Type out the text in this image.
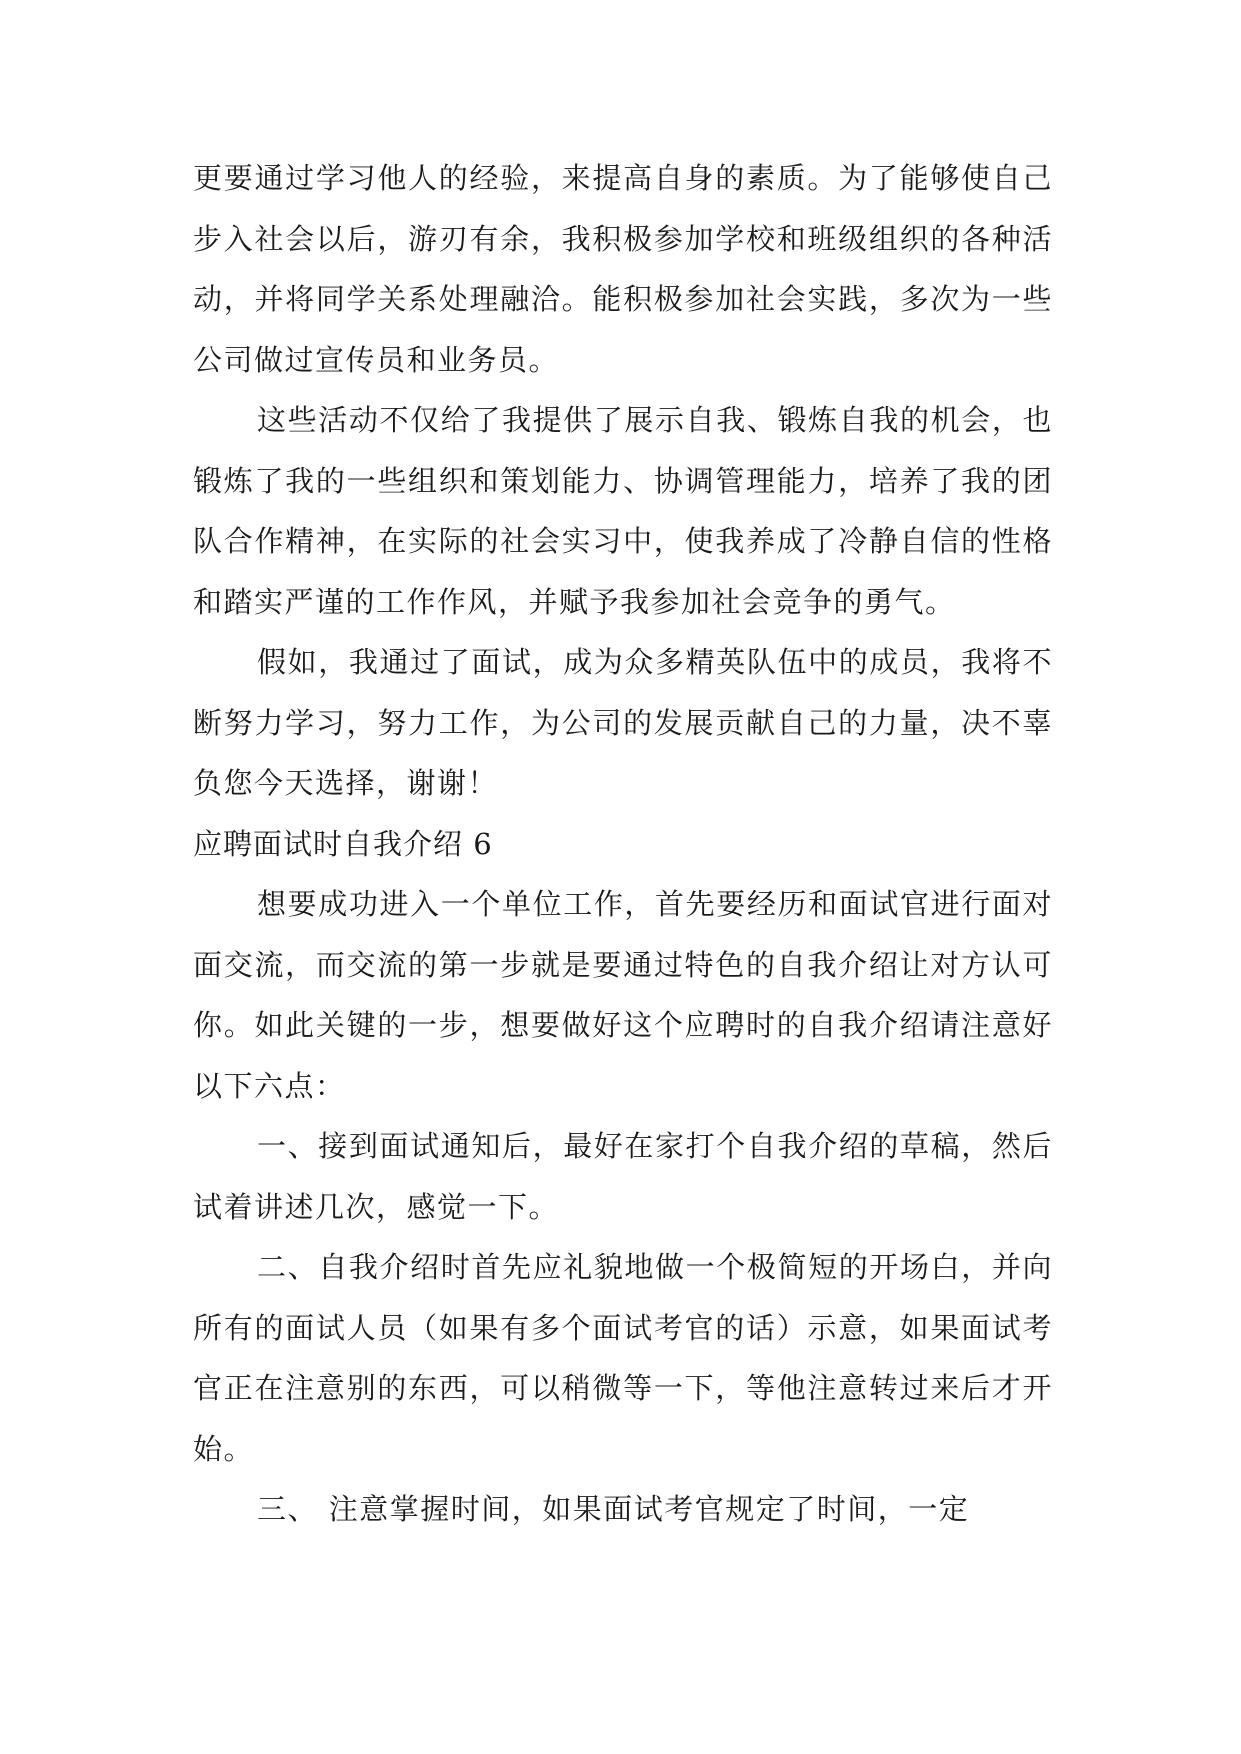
更要通过学习他人的经验，来提高自身的素质。为了能够使自己步入社会以后，游刃有余，我积极参加学校和班级组织的各种活动，并将同学关系处理融洽。能积极参加社会实践，多次为一些公司做过宣传员和业务员。

这些活动不仅给了我提供了展示自我、锻炼自我的机会，也锻炼了我的一些组织和策划能力、协调管理能力，培养了我的团队合作精神，在实际的社会实习中，使我养成了冷静自信的性格和踏实严谨的工作作风，并赋予我参加社会竞争的勇气。

假如，我通过了面试，成为众多精英队伍中的成员，我将不断努力学习，努力工作，为公司的发展贡献自己的力量，决不辜负您今天选择，谢谢！

应聘面试时自我介绍 6

想要成功进入一个单位工作，首先要经历和面试官进行面对面交流，而交流的第一步就是要通过特色的自我介绍让对方认可你。如此关键的一步，想要做好这个应聘时的自我介绍请注意好以下六点：

一、接到面试通知后，最好在家打个自我介绍的草稿，然后试着讲述几次，感觉一下。

二、自我介绍时首先应礼貌地做一个极简短的开场白，并向所有的面试人员（如果有多个面试考官的话）示意，如果面试考官正在注意别的东西，可以稍微等一下，等他注意转过来后才开始。

三、 注意掌握时间，如果面试考官规定了时间，一定
